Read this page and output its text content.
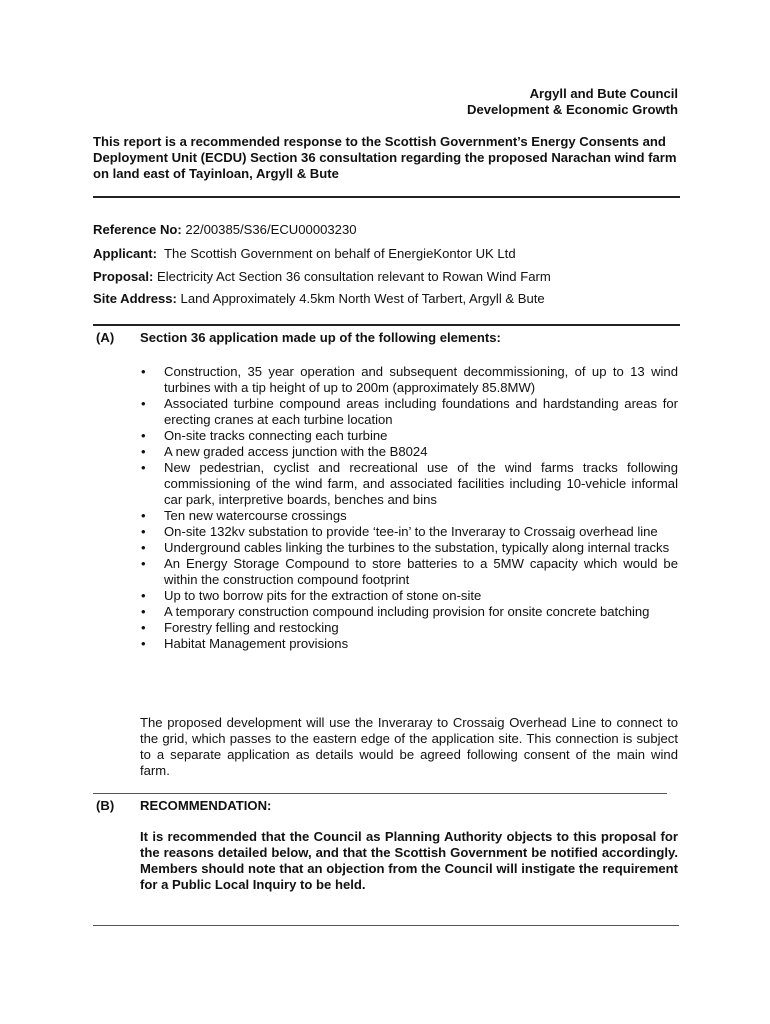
Argyll and Bute Council
Development & Economic Growth
This report is a recommended response to the Scottish Government’s Energy Consents and Deployment Unit (ECDU) Section 36 consultation regarding the proposed Narachan wind farm on land east of Tayinloan, Argyll & Bute
Reference No: 22/00385/S36/ECU00003230
Applicant:  The Scottish Government on behalf of EnergieKontor UK Ltd
Proposal: Electricity Act Section 36 consultation relevant to Rowan Wind Farm
Site Address: Land Approximately 4.5km North West of Tarbert, Argyll & Bute
(A) Section 36 application made up of the following elements:
• Construction, 35 year operation and subsequent decommissioning, of up to 13 wind turbines with a tip height of up to 200m (approximately 85.8MW)
• Associated turbine compound areas including foundations and hardstanding areas for erecting cranes at each turbine location
• On-site tracks connecting each turbine
• A new graded access junction with the B8024
• New pedestrian, cyclist and recreational use of the wind farms tracks following commissioning of the wind farm, and associated facilities including 10-vehicle informal car park, interpretive boards, benches and bins
• Ten new watercourse crossings
• On-site 132kv substation to provide ‘tee-in’ to the Inveraray to Crossaig overhead line
• Underground cables linking the turbines to the substation, typically along internal tracks
• An Energy Storage Compound to store batteries to a 5MW capacity which would be within the construction compound footprint
• Up to two borrow pits for the extraction of stone on-site
• A temporary construction compound including provision for onsite concrete batching
• Forestry felling and restocking
• Habitat Management provisions
The proposed development will use the Inveraray to Crossaig Overhead Line to connect to the grid, which passes to the eastern edge of the application site. This connection is subject to a separate application as details would be agreed following consent of the main wind farm.
(B) RECOMMENDATION:
It is recommended that the Council as Planning Authority objects to this proposal for the reasons detailed below, and that the Scottish Government be notified accordingly. Members should note that an objection from the Council will instigate the requirement for a Public Local Inquiry to be held.
